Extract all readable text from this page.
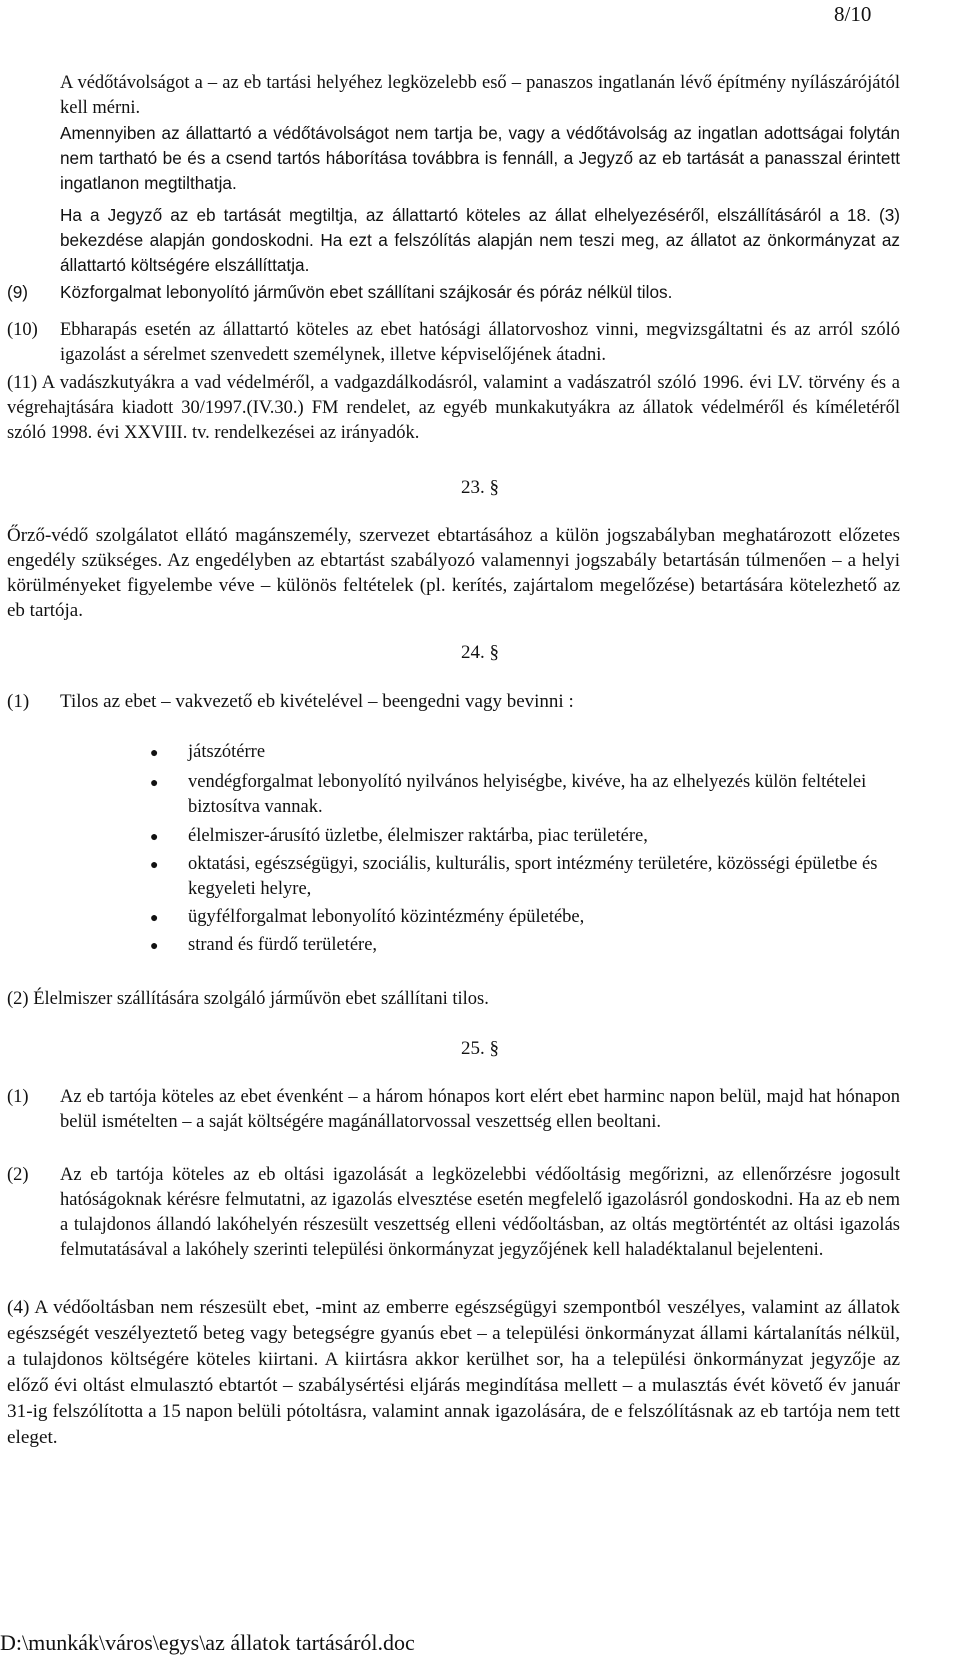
8/10

A védőtávolságot a – az eb tartási helyéhez legközelebb eső – panaszos ingatlanán lévő építmény nyílászárójától kell mérni.

Amennyiben az állattartó a védőtávolságot nem tartja be, vagy a védőtávolság az ingatlan adottságai folytán nem tartható be és a csend tartós háborítása továbbra is fennáll, a Jegyző az eb tartását a panasszal érintett ingatlanon megtilthatja.

Ha a Jegyző az eb tartását megtiltja, az állattartó köteles az állat elhelyezéséről, elszállításáról a 18. (3) bekezdése alapján gondoskodni. Ha ezt a felszólítás alapján nem teszi meg, az állatot az önkormányzat az állattartó költségére elszállíttatja.

(9) Közforgalmat lebonyolító járművön ebet szállítani szájkosár és póráz nélkül tilos.

(10) Ebharapás esetén az állattartó köteles az ebet hatósági állatorvoshoz vinni, megvizsgáltatni és az arról szóló igazolást a sérelmet szenvedett személynek, illetve képviselőjének átadni.

(11) A vadászkutyákra a vad védelméről, a vadgazdálkodásról, valamint a vadászatról szóló 1996. évi LV. törvény és a végrehajtására kiadott 30/1997.(IV.30.) FM rendelet, az egyéb munkakutyákra az állatok védelméről és kíméletéről szóló 1998. évi XXVIII. tv. rendelkezései az irányadók.

23. §

Őrző-védő szolgálatot ellátó magánszemély, szervezet ebtartásához a külön jogszabályban meghatározott előzetes engedély szükséges. Az engedélyben az ebtartást szabályozó valamennyi jogszabály betartásán túlmenően – a helyi körülményeket figyelembe véve – különös feltételek (pl. kerítés, zajártalom megelőzése) betartására kötelezhető az eb tartója.

24. §
(1) Tilos az ebet – vakvezető eb kivételével – beengedni vagy bevinni :

● játszótérre
● vendégforgalmat lebonyolító nyilvános helyiségbe, kivéve, ha az elhelyezés külön feltételei biztosítva vannak.
● élelmiszer-árusító üzletbe, élelmiszer raktárba, piac területére,
● oktatási, egészségügyi, szociális, kulturális, sport intézmény területére, közösségi épületbe és kegyeleti helyre,
● ügyfélforgalmat lebonyolító közintézmény épületébe,
● strand és fürdő területére,

(2) Élelmiszer szállítására szolgáló járművön ebet szállítani tilos.

25. §
(1) Az eb tartója köteles az ebet évenként – a három hónapos kort elért ebet harminc napon belül, majd hat hónapon belül ismételten – a saját költségére magánállatorvossal veszettség ellen beoltani.

(2) Az eb tartója köteles az eb oltási igazolását a legközelebbi védőoltásig megőrizni, az ellenőrzésre jogosult hatóságoknak kérésre felmutatni, az igazolás elvesztése esetén megfelelő igazolásról gondoskodni. Ha az eb nem a tulajdonos állandó lakóhelyén részesült veszettség elleni védőoltásban, az oltás megtörténtét az oltási igazolás felmutatásával a lakóhely szerinti települési önkormányzat jegyzőjének kell haladéktalanul bejelenteni.

(4) A védőoltásban nem részesült ebet, -mint az emberre egészségügyi szempontból veszélyes, valamint az állatok egészségét veszélyeztető beteg vagy betegségre gyanús ebet – a települési önkormányzat állami kártalanítás nélkül, a tulajdonos költségére köteles kiirtani. A kiirtásra akkor kerülhet sor, ha a települési önkormányzat jegyzője az előző évi oltást elmulasztó ebtartót – szabálysértési eljárás megindítása mellett – a mulasztás évét követő év január 31-ig felszólította a 15 napon belüli pótoltásra, valamint annak igazolására, de e felszólításnak az eb tartója nem tett eleget.

D:\munkák\város\egys\az állatok tartásáról.doc
